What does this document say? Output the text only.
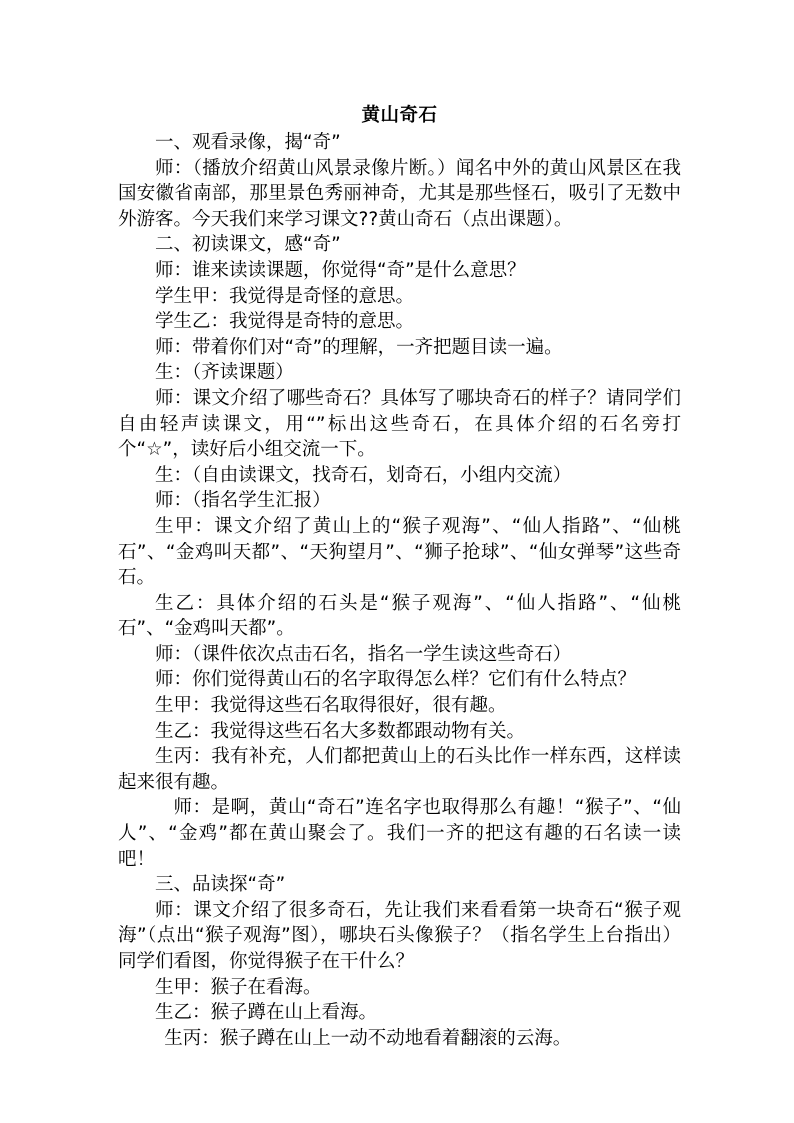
黄山奇石

一、观看录像，揭“奇”

师：（播放介绍黄山风景录像片断。）闻名中外的黄山风景区在我国安徽省南部，那里景色秀丽神奇，尤其是那些怪石，吸引了无数中外游客。今天我们来学习课文??黄山奇石（点出课题）。

二、初读课文，感“奇”

师：谁来读读课题，你觉得“奇”是什么意思？

学生甲：我觉得是奇怪的意思。

学生乙：我觉得是奇特的意思。

师：带着你们对“奇”的理解，一齐把题目读一遍。

生：（齐读课题）

师：课文介绍了哪些奇石？具体写了哪块奇石的样子？请同学们自由轻声读课文，用“”标出这些奇石，在具体介绍的石名旁打个“☆”，读好后小组交流一下。

生：（自由读课文，找奇石，划奇石，小组内交流）

师：（指名学生汇报）

生甲：课文介绍了黄山上的“猴子观海”、“仙人指路”、“仙桃石”、“金鸡叫天都”、“天狗望月”、“狮子抢球”、“仙女弹琴”这些奇石。

生乙：具体介绍的石头是“猴子观海”、“仙人指路”、“仙桃石”、“金鸡叫天都”。

师：（课件依次点击石名，指名一学生读这些奇石）

师：你们觉得黄山石的名字取得怎么样？它们有什么特点？

生甲：我觉得这些石名取得很好，很有趣。

生乙：我觉得这些石名大多数都跟动物有关。

生丙：我有补充，人们都把黄山上的石头比作一样东西，这样读起来很有趣。

师：是啊，黄山“奇石”连名字也取得那么有趣！“猴子”、“仙人”、“金鸡”都在黄山聚会了。我们一齐的把这有趣的石名读一读吧！

三、品读探“奇”

师：课文介绍了很多奇石，先让我们来看看第一块奇石“猴子观海”（点出“猴子观海”图），哪块石头像猴子？（指名学生上台指出）同学们看图，你觉得猴子在干什么？

生甲：猴子在看海。

生乙：猴子蹲在山上看海。

生丙：猴子蹲在山上一动不动地看着翻滚的云海。
